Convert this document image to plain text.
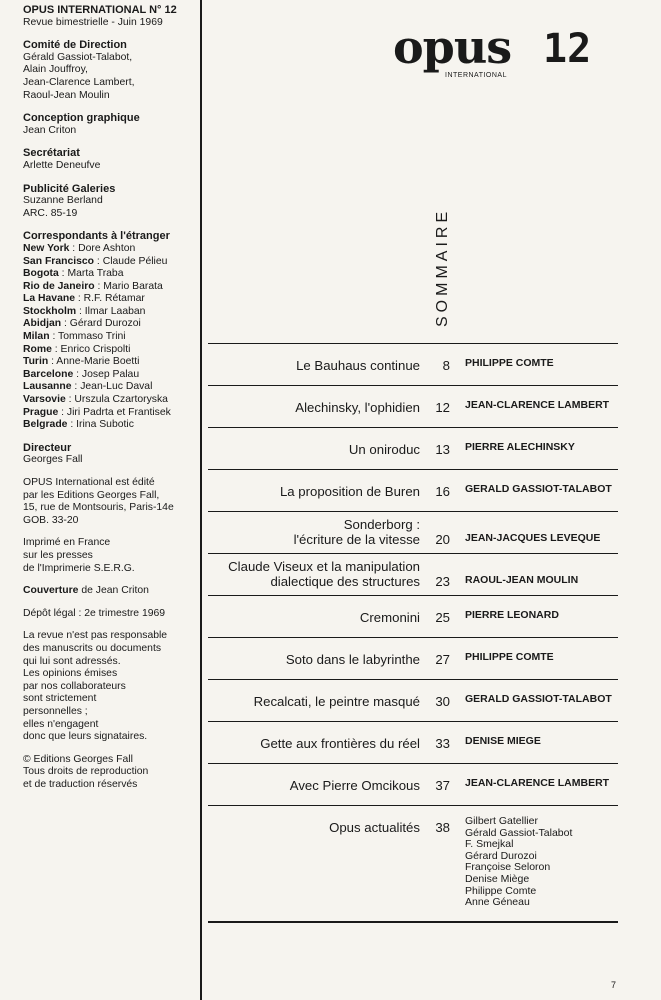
OPUS INTERNATIONAL N° 12

Revue bimestrielle - Juin 1969

Comité de Direction

Gérald Gassiot-Talabot,

Alain Jouffroy,

Jean-Clarence Lambert,

Raoul-Jean Moulin

Conception graphique

Jean Criton

Secrétariat

Arlette Deneufve

Publicité Galeries

Suzanne Berland

ARC. 85-19

Correspondants à l'étranger

New York : Dore Ashton

San Francisco : Claude Pélieu

Bogota : Marta Traba

Rio de Janeiro : Mario Barata

La Havane : R.F. Rétamar

Stockholm : Ilmar Laaban

Abidjan : Gérard Durozoi

Milan : Tommaso Trini

Rome : Enrico Crispolti

Turin : Anne-Marie Boetti

Barcelone : Josep Palau

Lausanne : Jean-Luc Daval

Varsovie : Urszula Czartoryska

Prague : Jiri Padrta et Frantisek

Belgrade : Irina Subotic

Directeur

Georges Fall

OPUS International est édité

par les Editions Georges Fall,

15, rue de Montsouris, Paris-14e

GOB. 33-20

Imprimé en France

sur les presses

de l'Imprimerie S.E.R.G.

Couverture de Jean Criton

Dépôt légal : 2e trimestre 1969

La revue n'est pas responsable

des manuscrits ou documents

qui lui sont adressés.

Les opinions émises

par nos collaborateurs

sont strictement

personnelles ;

elles n'engagent

donc que leurs signataires.

© Editions Georges Fall

Tous droits de reproduction

et de traduction réservés

opus 12
INTERNATIONAL
SOMMAIRE
Le Bauhaus continue	8 PHILIPPE COMTE
Alechinsky, l'ophidien	12 JEAN-CLARENCE LAMBERT
Un oniroduc	13 PIERRE ALECHINSKY
La proposition de Buren	16 GERALD GASSIOT-TALABOT
Sonderborg :
l'écriture de la vitesse	20 JEAN-JACQUES LEVEQUE
Claude Viseux et la manipulation
dialectique des structures	23 RAOUL-JEAN MOULIN
Cremonini	25 PIERRE LEONARD
Soto dans le labyrinthe	27 PHILIPPE COMTE
Recalcati, le peintre masqué	30 GERALD GASSIOT-TALABOT
Gette aux frontières du réel	33 DENISE MIEGE
Avec Pierre Omcikous	37 JEAN-CLARENCE LAMBERT
Opus actualités	38 Gilbert Gatellier
Gérald Gassiot-Talabot
F. Smejkal
Gérard Durozoi
Françoise Seloron
Denise Miège
Philippe Comte
Anne Géneau
7
